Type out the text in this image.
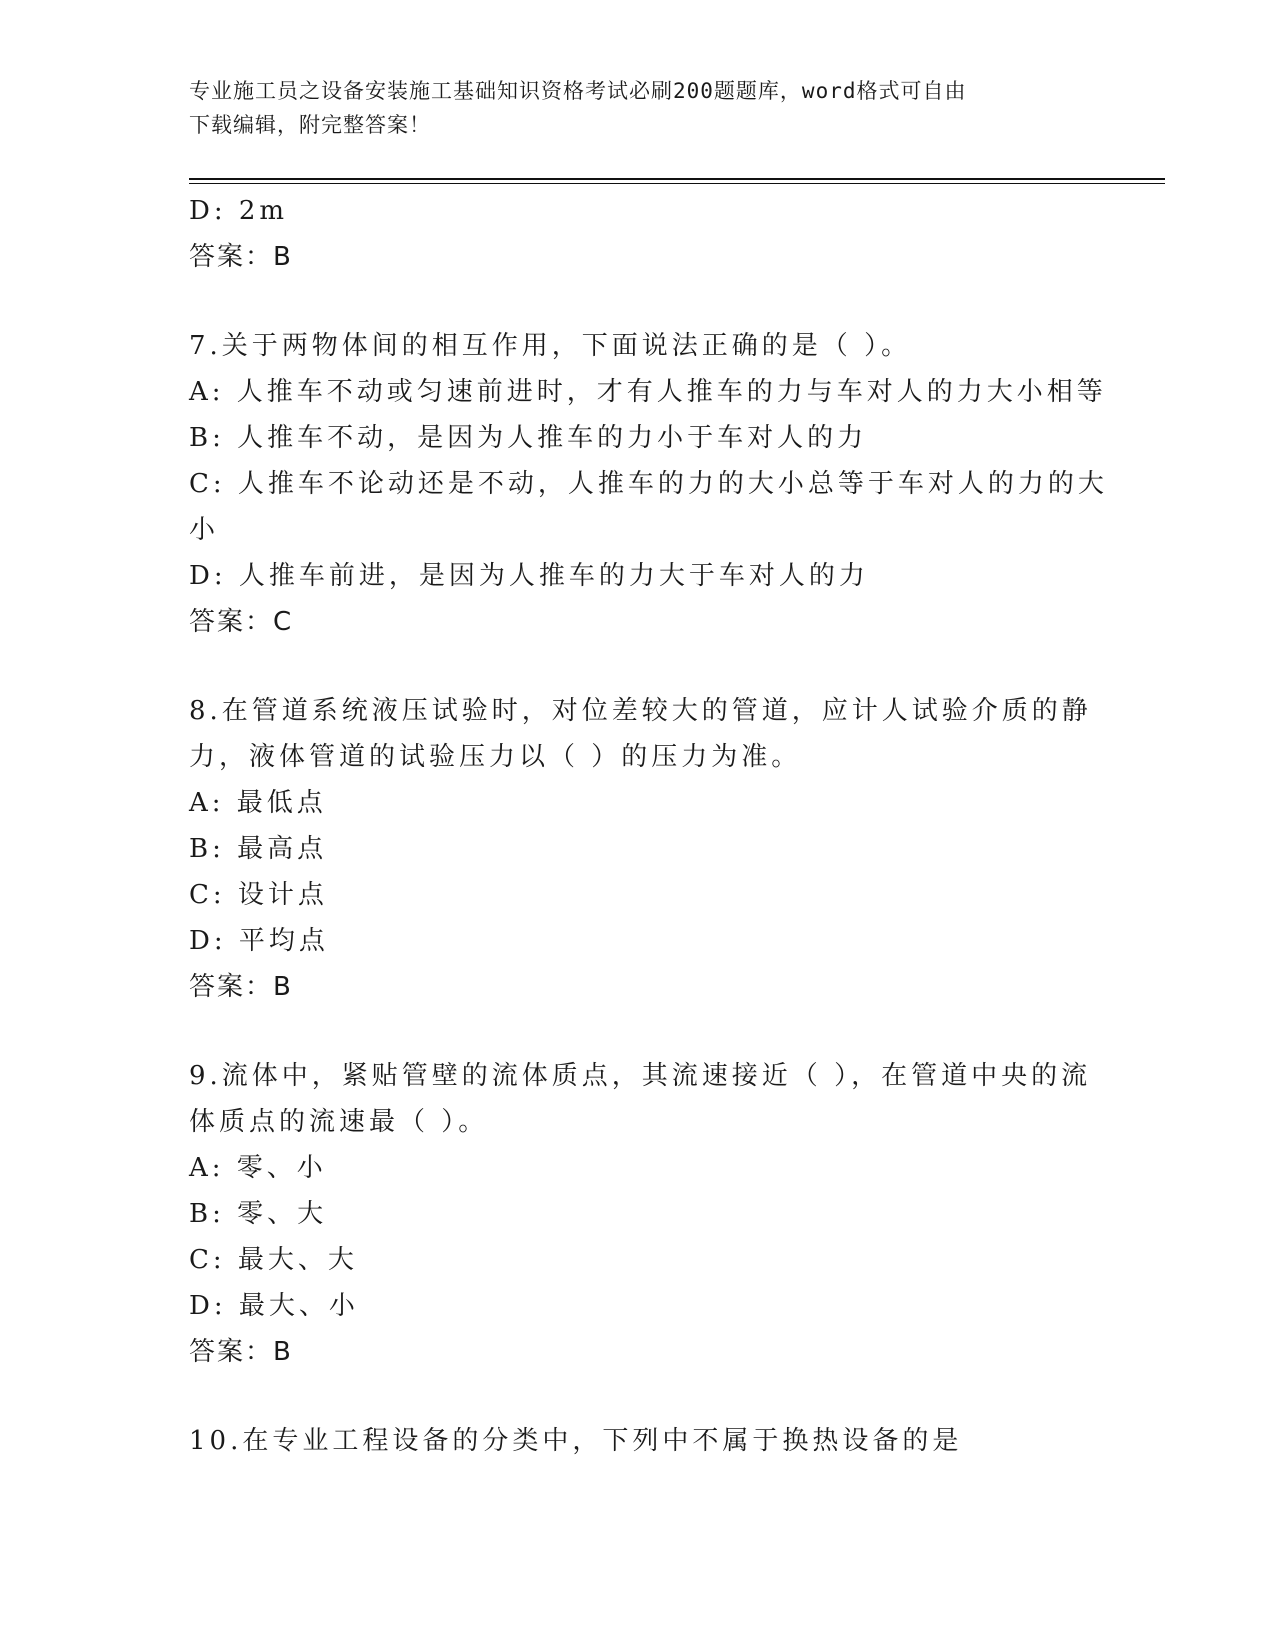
专业施工员之设备安装施工基础知识资格考试必刷200题题库，word格式可自由
下载编辑，附完整答案！
D: 2m
答案：B
7.关于两物体间的相互作用，下面说法正确的是（ ）。
A: 人推车不动或匀速前进时，才有人推车的力与车对人的力大小相等
B: 人推车不动，是因为人推车的力小于车对人的力
C: 人推车不论动还是不动，人推车的力的大小总等于车对人的力的大
小
D: 人推车前进，是因为人推车的力大于车对人的力
答案：C
8.在管道系统液压试验时，对位差较大的管道，应计人试验介质的静
力，液体管道的试验压力以（ ）的压力为准。
A: 最低点
B: 最高点
C: 设计点
D: 平均点
答案：B
9.流体中，紧贴管壁的流体质点，其流速接近（ ），在管道中央的流
体质点的流速最（ ）。
A: 零、小
B: 零、大
C: 最大、大
D: 最大、小
答案：B
10.在专业工程设备的分类中，下列中不属于换热设备的是
